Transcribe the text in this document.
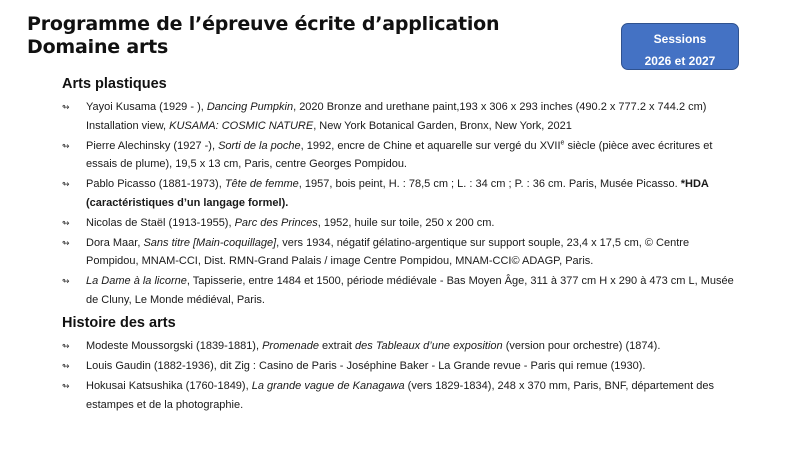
Programme de l’épreuve écrite d’application
Domaine arts	Sessions
2026 et 2027
Arts plastiques
↬ Yayoi Kusama (1929 - ), Dancing Pumpkin, 2020 Bronze and urethane paint,193 x 306 x 293 inches (490.2 x 777.2 x 744.2 cm) Installation view, KUSAMA: COSMIC NATURE, New York Botanical Garden, Bronx, New York, 2021
↬ Pierre Alechinsky (1927 -), Sorti de la poche, 1992, encre de Chine et aquarelle sur vergé du XVIIe siècle (pièce avec écritures et essais de plume), 19,5 x 13 cm, Paris, centre Georges Pompidou.
↬ Pablo Picasso (1881-1973), Tête de femme, 1957, bois peint, H. : 78,5 cm ; L. : 34 cm ; P. : 36 cm. Paris, Musée Picasso. *HDA (caractéristiques d’un langage formel).
↬ Nicolas de Staël (1913-1955), Parc des Princes, 1952, huile sur toile, 250 x 200 cm.
↬ Dora Maar, Sans titre [Main-coquillage], vers 1934, négatif gélatino-argentique sur support souple, 23,4 x 17,5 cm, © Centre Pompidou, MNAM-CCI, Dist. RMN-Grand Palais / image Centre Pompidou, MNAM-CCI© ADAGP, Paris.
↬ La Dame à la licorne, Tapisserie, entre 1484 et 1500, période médiévale - Bas Moyen Âge, 311 à 377 cm H x 290 à 473 cm L, Musée de Cluny, Le Monde médiéval, Paris.
Histoire des arts
↬ Modeste Moussorgski (1839-1881), Promenade extrait des Tableaux d’une exposition (version pour orchestre) (1874).
↬ Louis Gaudin (1882-1936), dit Zig : Casino de Paris - Joséphine Baker - La Grande revue - Paris qui remue (1930).
↬ Hokusai Katsushika (1760-1849), La grande vague de Kanagawa (vers 1829-1834), 248 x 370 mm, Paris, BNF, département des estampes et de la photographie.
